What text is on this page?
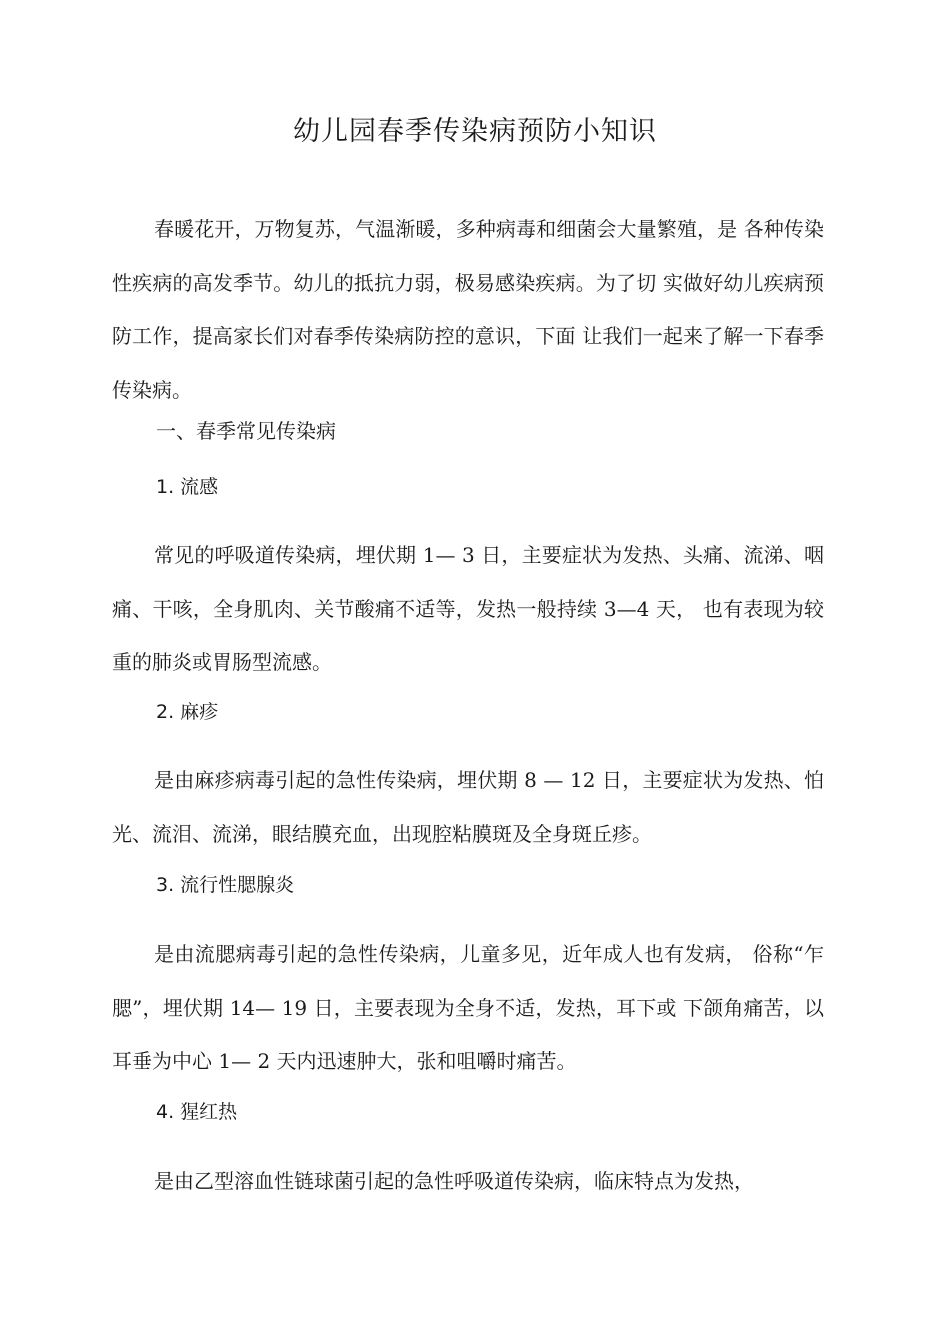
幼儿园春季传染病预防小知识

春暖花开，万物复苏，气温渐暖，多种病毒和细菌会大量繁殖，是 各种传染性疾病的高发季节。幼儿的抵抗力弱，极易感染疾病。为了切 实做好幼儿疾病预防工作，提高家长们对春季传染病防控的意识，下面 让我们一起来了解一下春季传染病。

一、春季常见传染病
1. 流感

常见的呼吸道传染病，埋伏期 1— 3 日，主要症状为发热、头痛、流涕、咽痛、干咳，全身肌肉、关节酸痛不适等，发热一般持续 3—4 天， 也有表现为较重的肺炎或胃肠型流感。

2. 麻疹

是由麻疹病毒引起的急性传染病，埋伏期 8 — 12 日，主要症状为发热、怕光、流泪、流涕，眼结膜充血，出现腔粘膜斑及全身斑丘疹。

3. 流行性腮腺炎

是由流腮病毒引起的急性传染病，儿童多见，近年成人也有发病， 俗称“乍腮”，埋伏期 14— 19 日，主要表现为全身不适，发热，耳下或 下颌角痛苦，以耳垂为中心 1— 2 天内迅速肿大，张和咀嚼时痛苦。

4. 猩红热

是由乙型溶血性链球菌引起的急性呼吸道传染病，临床特点为发热，
